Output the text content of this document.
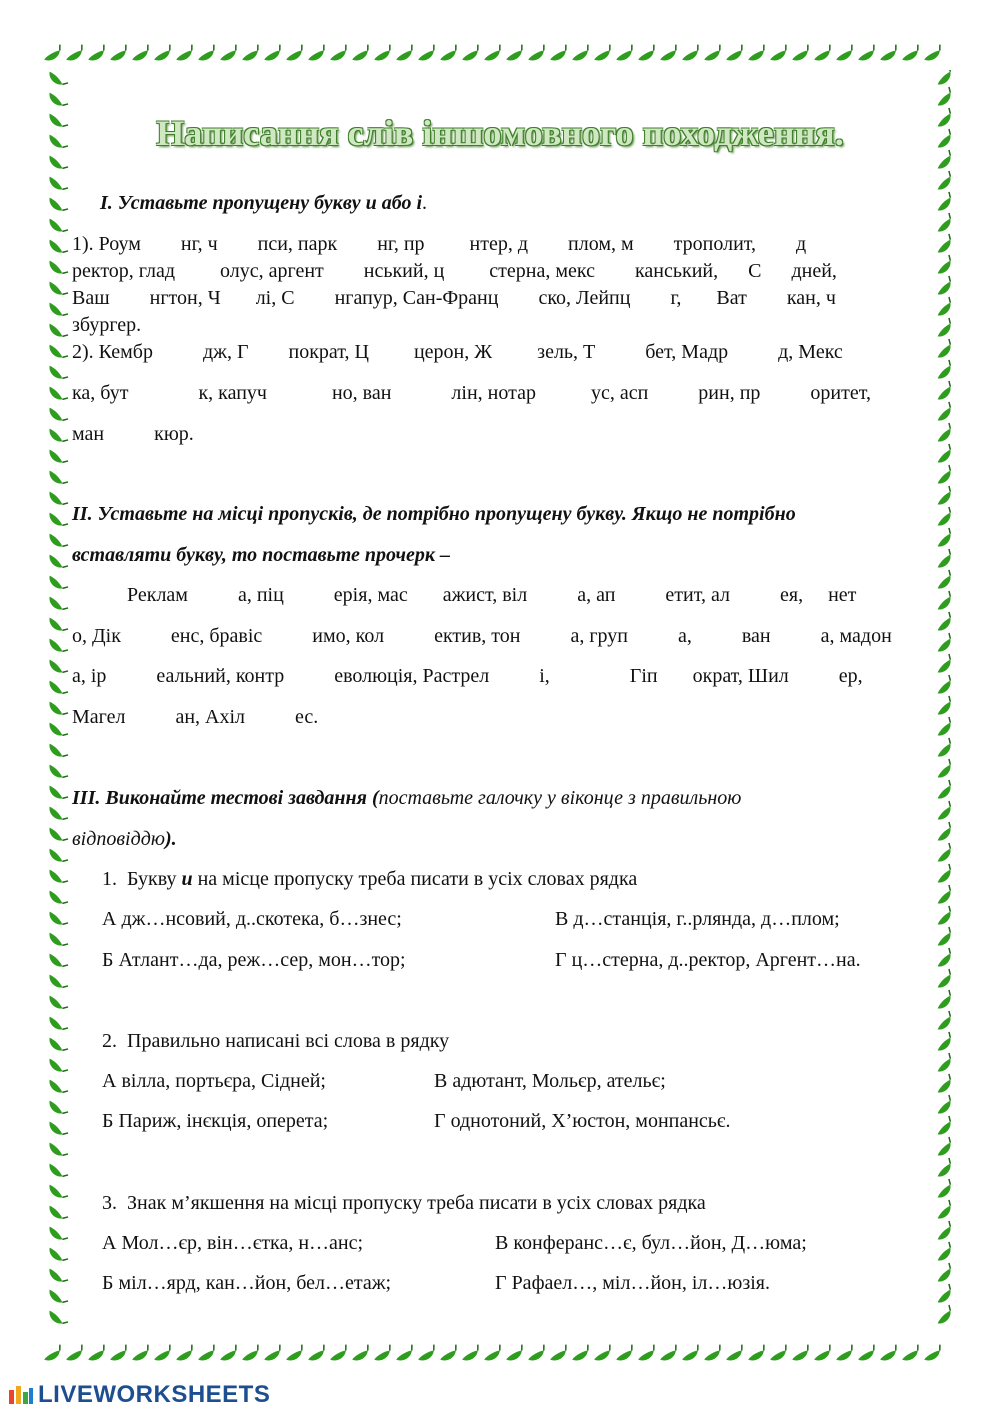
Написання слів іншомовного походження.
І. Уставьте пропущену букву и або і.
1). Роум        нг, ч        пси, парк        нг, пр         нтер, д        плом, м        трополит,        д
ректор, глад         олус, аргент        нський, ц         стерна, мекс        канський,      С      дней,
Ваш        нгтон, Ч       лі, С        нгапур, Сан-Франц        ско, Лейпц        г,       Ват        кан, ч
збургер.
2). Кембр          дж, Г        пократ, Ц         церон, Ж         зель, Т          бет, Мадр          д, Мекс
ка, бут              к, капуч             но, ван            лін, нотар           ус, асп          рин, пр          оритет,
ман          кюр.
ІІ. Уставьте на місці пропусків, де потрібно пропущену букву. Якщо не потрібно
вставляти букву, то поставьте прочерк –
Реклам          а, піц          ерія, мас       ажист, віл          а, ап          етит, ал          ея,     нет
о, Дік          енс, бравіс          имо, кол          ектив, тон          а, груп          а,          ван          а, мадон
а, ір          еальний, контр          еволюція, Растрел          і,                Гіп       ократ, Шил          ер,
Магел          ан, Ахіл          ес.
ІІІ. Виконайте тестові завдання (поставьте галочку у віконце з правильною
відповіддю).
1.  Букву и на місце пропуску треба писати в усіх словах рядка
А дж…нсовий, д..скотека, б…знес;	В д…станція, г..рлянда, д…плом;
Б Атлант…да, реж…сер, мон…тор;	Г ц…стерна, д..ректор, Аргент…на.
2.  Правильно написані всі слова в рядку
А вілла, портьєра, Сідней;	В адютант, Мольєр, ательє;
Б Париж, інєкція, оперета;	Г однотоний, Х’юстон, монпансьє.
3.  Знак м’якшення на місці пропуску треба писати в усіх словах рядка
А Мол…єр, він…єтка, н…анс;	В конферанс…є, бул…йон, Д…юма;
Б міл…ярд, кан…йон, бел…етаж;	Г Рафаел…, міл…йон, іл…юзія.
LIVEWORKSHEETS
